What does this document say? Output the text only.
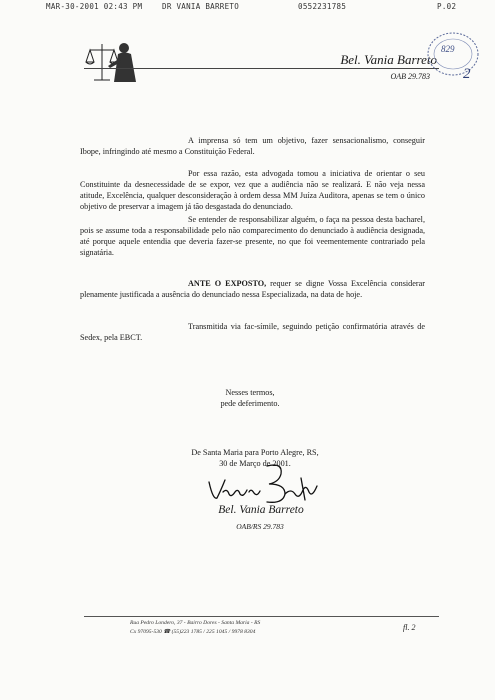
MAR-30-2001 02:43 PM	DR VANIA BARRETO	0552231785	P.02
Bel. Vania Barreto
OAB 29.783
829
2

A imprensa só tem um objetivo, fazer sensacionalismo, conseguir Ibope, infringindo até mesmo a Constituição Federal.

Por essa razão, esta advogada tomou a iniciativa de orientar o seu Constituinte da desnecessidade de se expor, vez que a audiência não se realizará. E não veja nessa atitude, Excelência, qualquer desconsideração à ordem dessa MM Juíza Auditora, apenas se tem o único objetivo de preservar a imagem já tão desgastada do denunciado.

Se entender de responsabilizar alguém, o faça na pessoa desta bacharel, pois se assume toda a responsabilidade pelo não comparecimento do denunciado à audiência designada, até porque aquele entendia que deveria fazer-se presente, no que foi veementemente contrariado pela signatária.

ANTE O EXPOSTO, requer se digne Vossa Excelência considerar plenamente justificada a ausência do denunciado nessa Especializada, na data de hoje.

Transmitida via fac-símile, seguindo petição confirmatória através de Sedex, pela EBCT.

Nesses termos,
pede deferimento.
De Santa Maria para Porto Alegre, RS,
30 de Março de 2001.
Bel. Vania Barreto
OAB/RS 29.783
Rua Pedro Londero, 37 - Bairro Dores - Santa Maria - RS
Cx 97095-530 ☎ (55)223 1785 / 225 1045 / 9978 8304	fl. 2
